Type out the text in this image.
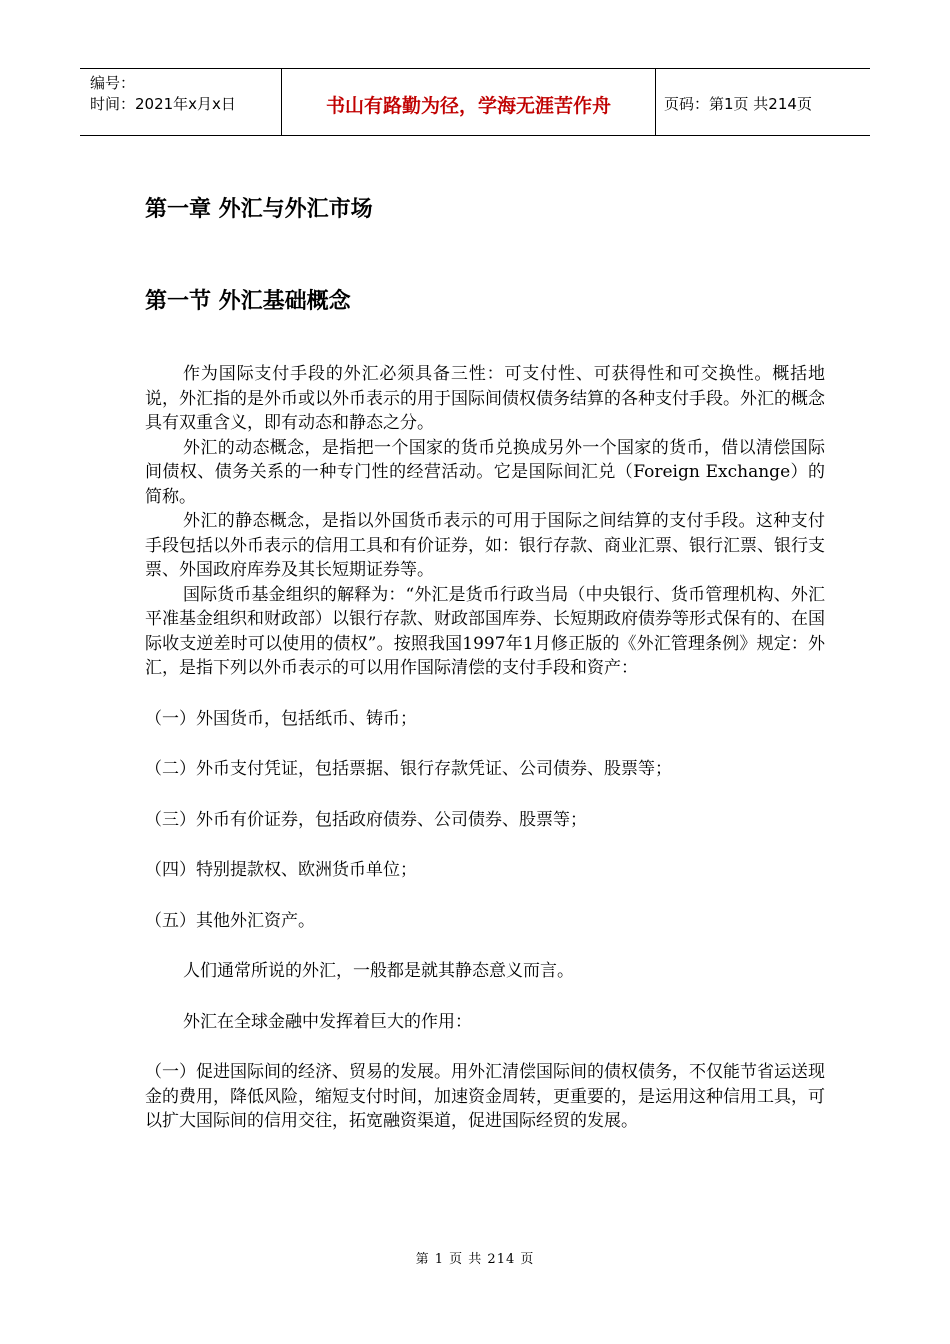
编号：
时间：2021年x月x日	书山有路勤为径，学海无涯苦作舟	页码：第1页 共214页
第一章 外汇与外汇市场
第一节 外汇基础概念

作为国际支付手段的外汇必须具备三性：可支付性、可获得性和可交换性。概括地说，外汇指的是外币或以外币表示的用于国际间债权债务结算的各种支付手段。外汇的概念具有双重含义，即有动态和静态之分。

外汇的动态概念，是指把一个国家的货币兑换成另外一个国家的货币，借以清偿国际间债权、债务关系的一种专门性的经营活动。它是国际间汇兑（Foreign Exchange）的简称。

外汇的静态概念，是指以外国货币表示的可用于国际之间结算的支付手段。这种支付手段包括以外币表示的信用工具和有价证券，如：银行存款、商业汇票、银行汇票、银行支票、外国政府库券及其长短期证券等。

国际货币基金组织的解释为：“外汇是货币行政当局（中央银行、货币管理机构、外汇平准基金组织和财政部）以银行存款、财政部国库券、长短期政府债券等形式保有的、在国际收支逆差时可以使用的债权”。按照我国1997年1月修正版的《外汇管理条例》规定：外汇，是指下列以外币表示的可以用作国际清偿的支付手段和资产：

（一）外国货币，包括纸币、铸币；

（二）外币支付凭证，包括票据、银行存款凭证、公司债券、股票等；

（三）外币有价证券，包括政府债券、公司债券、股票等；

（四）特别提款权、欧洲货币单位；

（五）其他外汇资产。

人们通常所说的外汇，一般都是就其静态意义而言。

外汇在全球金融中发挥着巨大的作用：

（一）促进国际间的经济、贸易的发展。用外汇清偿国际间的债权债务，不仅能节省运送现金的费用，降低风险，缩短支付时间，加速资金周转，更重要的，是运用这种信用工具，可以扩大国际间的信用交往，拓宽融资渠道，促进国际经贸的发展。

第 1 页 共 214 页
